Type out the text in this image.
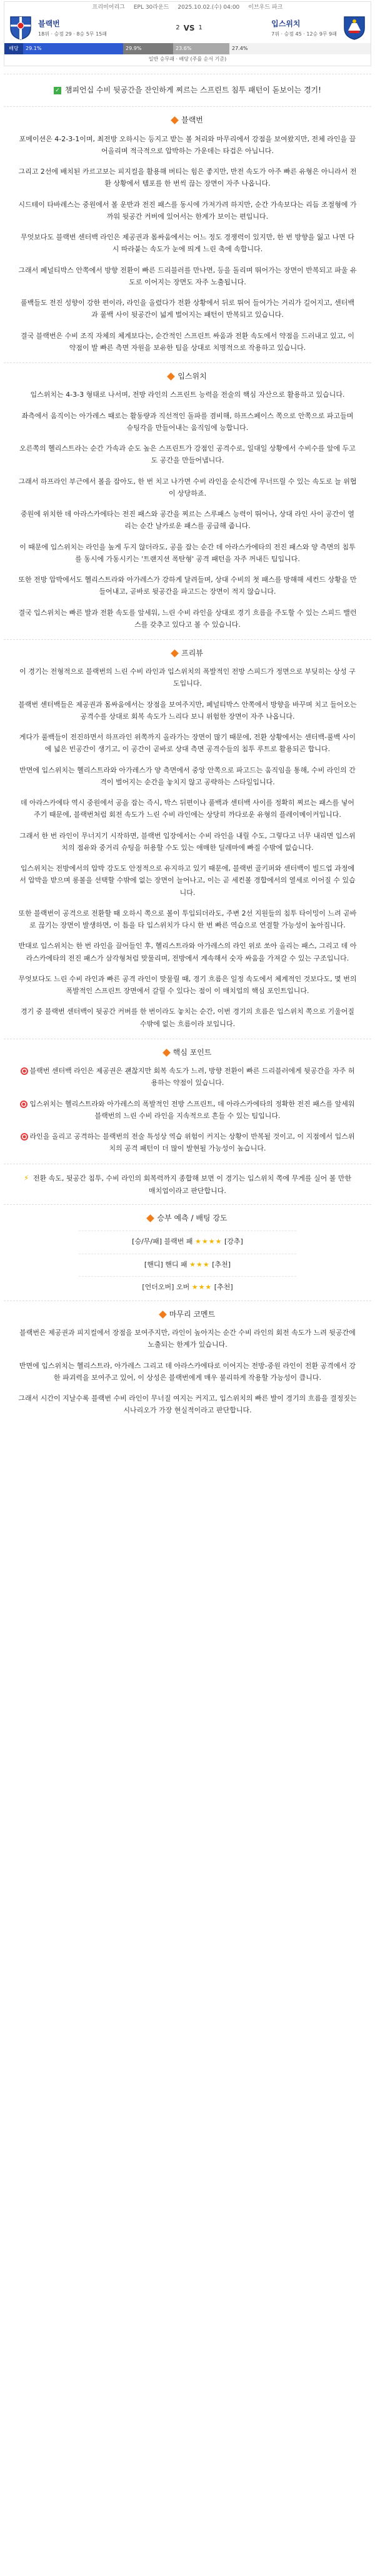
프리미어리그 EPL 30라운드 2025.10.02.(수) 04:00 이브우드 파크
블랙번
18위 · 승점 29 · 8승 5무 15패
2 VS 1	입스위치
7위 · 승점 45 · 12승 9무 9패
배당	29.1%	29.9%	23.6%	27.4%
일반 승무패 · 배당 (주를 순서 기준)
✓ 챔피언십 수비 뒷공간을 잔인하게 찌르는 스프린트 침투 패턴이 돋보이는 경기!
블랙번

포메이션은 4-2-3-1이며, 최전방 오하시는 등지고 받는 볼 처리와 마무리에서 강점을 보여왔지만, 전체 라인을 끌어올리며 적극적으로 압박하는 가운데는 타겁은 아닙니다.

그리고 2선에 배치된 카르고보는 피지컬을 활용해 버티는 힘은 좋지만, 반전 속도가 아주 빠른 유형은 아니라서 전환 상황에서 템포를 한 번씩 끊는 장면이 자주 나옵니다.

시드테이 타바레스는 중원에서 볼 운반과 전진 패스를 동시에 가져가려 하지만, 순간 가속보다는 리듬 조절형에 가까워 뒷공간 커버에 있어서는 한계가 보이는 편입니다.

무엇보다도 블랙번 센터백 라인은 제공권과 몸싸움에서는 어느 정도 경쟁력이 있지만, 한 번 방향을 잃고 나면 다시 따라붙는 속도가 눈에 띄게 느린 축에 속합니다.

그래서 페널티박스 안쪽에서 방향 전환이 빠른 드리블러를 만나면, 등을 돌리며 뛰어가는 장면이 반복되고 파울 유도로 이어지는 장면도 자주 노출됩니다.

풀백들도 전진 성향이 강한 편이라, 라인을 올렸다가 전환 상황에서 뒤로 뛰어 들어가는 거리가 길어지고, 센터백과 풀백 사이 뒷공간이 넓게 벌어지는 패턴이 반복되고 있습니다.

결국 블랙번은 수비 조직 자체의 체계보다는, 순간적인 스프린트 싸움과 전환 속도에서 약점을 드러내고 있고, 이 약점이 발 빠른 측면 자원을 보유한 팀을 상대로 치명적으로 작용하고 있습니다.

입스위치

입스위치는 4-3-3 형태로 나서며, 전방 라인의 스프린트 능력을 전술의 핵심 자산으로 활용하고 있습니다.

좌측에서 움직이는 아가레스 때로는 활동량과 직선적인 돌파를 겸비해, 하프스페이스 쪽으로 안쪽으로 파고들며 슈팅각을 만들어내는 움직임에 능합니다.

오른쪽의 헬리스트라는 순간 가속과 순도 높은 스프린트가 강점인 공격수로, 일대일 상황에서 수비수를 앞에 두고도 공간을 만들어냅니다.

그래서 하프라인 부근에서 볼을 잡아도, 한 번 치고 나가면 수비 라인을 순식간에 무너뜨릴 수 있는 속도로 늘 위협이 상당하죠.

중원에 위치한 데 아라스카에타는 전진 패스와 공간을 찌르는 스루패스 능력이 뛰어나, 상대 라인 사이 공간이 열리는 순간 날카로운 패스를 공급해 줍니다.

이 때문에 입스위치는 라인을 높게 두지 않더라도, 공을 잡는 순간 데 아라스카에타의 전진 패스와 양 측면의 침투를 동시에 가동시키는 '트랜지션 폭탄형' 공격 패턴을 자주 꺼내든 팀입니다.

또한 전방 압박에서도 헬리스트라와 아가레스가 강하게 달려들며, 상대 수비의 첫 패스를 방해해 세컨드 상황을 만들어내고, 곧바로 뒷공간을 파고드는 장면이 적지 않습니다.

결국 입스위치는 빠른 발과 전환 속도를 앞세워, 느린 수비 라인을 상대로 경기 흐름을 주도할 수 있는 스피드 밸런스를 갖추고 있다고 볼 수 있습니다.

프리뷰

이 경기는 전형적으로 블랙번의 느린 수비 라인과 입스위치의 폭발적인 전방 스피드가 정면으로 부딪히는 상성 구도입니다.

블랙번 센터백들은 제공권과 몸싸움에서는 장점을 보여주지만, 페널티박스 안쪽에서 방향을 바꾸며 치고 들어오는 공격수를 상대로 회복 속도가 느리다 보니 위험한 장면이 자주 나옵니다.

게다가 풀백들이 전진하면서 하프라인 위쪽까지 올라가는 장면이 많기 때문에, 전환 상황에서는 센터백-풀백 사이에 넓은 빈공간이 생기고, 이 공간이 곧바로 상대 측면 공격수들의 침투 루트로 활용되곤 합니다.

반면에 입스위치는 헬리스트라와 아가레스가 양 측면에서 중앙 안쪽으로 파고드는 움직임을 통해, 수비 라인의 간격이 벌어지는 순간을 놓치지 않고 공략하는 스타일입니다.

데 아라스카에타 역시 중원에서 공을 잡는 즉시, 박스 뒤편이나 풀백과 센터백 사이를 정확히 찌르는 패스를 넣어주기 때문에, 블랙번처럼 회전 속도가 느린 수비 라인에는 상당히 까다로운 유형의 플레이메이커입니다.

그래서 한 번 라인이 무너지기 시작하면, 블랙번 입장에서는 수비 라인을 내릴 수도, 그렇다고 너무 내리면 입스위치의 점유와 중거리 슈팅을 허용할 수도 있는 애매한 딜레마에 빠질 수밖에 없습니다.

입스위치는 전방에서의 압박 강도도 안정적으로 유지하고 있기 때문에, 블랙번 골키퍼와 센터백이 빌드업 과정에서 압박을 받으며 롱볼을 선택할 수밖에 없는 장면이 늘어나고, 이는 곧 세컨볼 경합에서의 열세로 이어질 수 있습니다.

또한 블랙번이 공격으로 전환할 때 오하시 쪽으로 볼이 투입되더라도, 주변 2선 지원들의 침투 타이밍이 느려 곧바로 끊기는 장면이 발생하면, 이 틈을 타 입스위치가 다시 한 번 빠른 역습으로 연결할 가능성이 높아집니다.

반대로 입스위치는 한 번 라인을 끌어들인 후, 헬리스트라와 아가레스의 라인 위로 쏘아 올리는 패스, 그리고 데 아라스카에타의 전진 패스가 삼각형처럼 맞물리며, 전방에서 계속해서 숫자 싸움을 가져갈 수 있는 구조입니다.

무엇보다도 느린 수비 라인과 빠른 공격 라인이 맞물릴 때, 경기 흐름은 일정 속도에서 체계적인 것보다도, 몇 번의 폭발적인 스프린트 장면에서 갈릴 수 있다는 점이 이 매치업의 핵심 포인트입니다.

경기 중 블랙번 센터백이 뒷공간 커버를 한 번이라도 놓치는 순간, 이번 경기의 흐름은 입스위치 쪽으로 기울어질 수밖에 없는 흐름이라 보입니다.

핵심 포인트

블랙번 센터백 라인은 제공권은 괜찮지만 회복 속도가 느려, 방향 전환이 빠른 드리블러에게 뒷공간을 자주 허용하는 약점이 있습니다.

입스위치는 헬리스트라와 아가레스의 폭발적인 전방 스프린트, 데 아라스카에타의 정확한 전진 패스를 앞세워 블랙번의 느린 수비 라인을 지속적으로 흔들 수 있는 팀입니다.

라인을 올리고 공격하는 블랙번의 전술 특성상 역습 위험이 커지는 상황이 반복될 것이고, 이 지점에서 입스위치의 공격 패턴이 더 많이 발현될 가능성이 높습니다.

⚡ 전환 속도, 뒷공간 침투, 수비 라인의 회복력까지 종합해 보면 이 경기는 입스위치 쪽에 무게를 실어 볼 만한 매치업이라고 판단합니다.
승부 예측 / 배팅 강도
[승/무/패] 블랙번 패 ★★★★ [강추]
[핸디] 핸디 패 ★★★ [추천]
[언더오버] 오버 ★★★ [추천]
마무리 코멘트

블랙번은 제공권과 피지컬에서 장점을 보여주지만, 라인이 높아지는 순간 수비 라인의 회전 속도가 느려 뒷공간에 노출되는 한계가 있습니다.

반면에 입스위치는 헬리스트라, 아가레스 그리고 데 아라스카에타로 이어지는 전방-중원 라인이 전환 공격에서 강한 파괴력을 보여주고 있어, 이 상성은 블랙번에게 매우 불리하게 작용할 가능성이 큽니다.

그래서 시간이 지날수록 블랙번 수비 라인이 무너질 여지는 커지고, 입스위치의 빠른 발이 경기의 흐름을 결정짓는 시나리오가 가장 현실적이라고 판단합니다.
